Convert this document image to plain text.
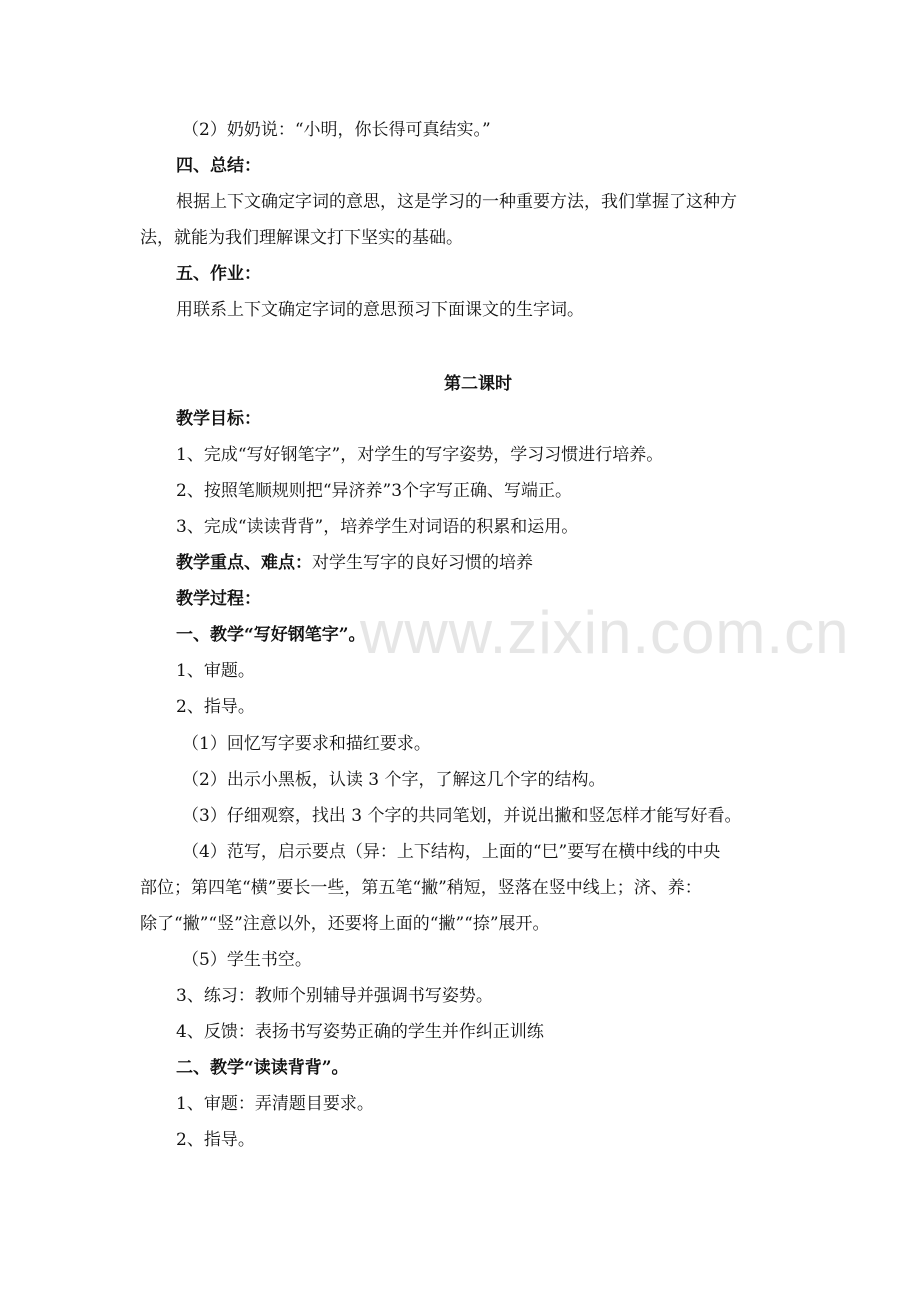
www.zixin.com.cn
（2）奶奶说：“小明，你长得可真结实。”
四、总结：
根据上下文确定字词的意思，这是学习的一种重要方法，我们掌握了这种方
法，就能为我们理解课文打下坚实的基础。
五、作业：
用联系上下文确定字词的意思预习下面课文的生字词。
第二课时
教学目标：
1、完成“写好钢笔字”，对学生的写字姿势，学习习惯进行培养。
2、按照笔顺规则把“异济养”3个字写正确、写端正。
3、完成“读读背背”，培养学生对词语的积累和运用。
教学重点、难点：对学生写字的良好习惯的培养
教学过程：
一、教学“写好钢笔字”。
1、审题。
2、指导。
（1）回忆写字要求和描红要求。
（2）出示小黑板，认读 3 个字，了解这几个字的结构。
（3）仔细观察，找出 3 个字的共同笔划，并说出撇和竖怎样才能写好看。
（4）范写，启示要点（异：上下结构，上面的“巳”要写在横中线的中央
部位；第四笔“横”要长一些，第五笔“撇”稍短，竖落在竖中线上；济、养：
除了“撇”“竖”注意以外，还要将上面的“撇”“捺”展开。
（5）学生书空。
3、练习：教师个别辅导并强调书写姿势。
4、反馈：表扬书写姿势正确的学生并作纠正训练
二、教学“读读背背”。
1、审题：弄清题目要求。
2、指导。
